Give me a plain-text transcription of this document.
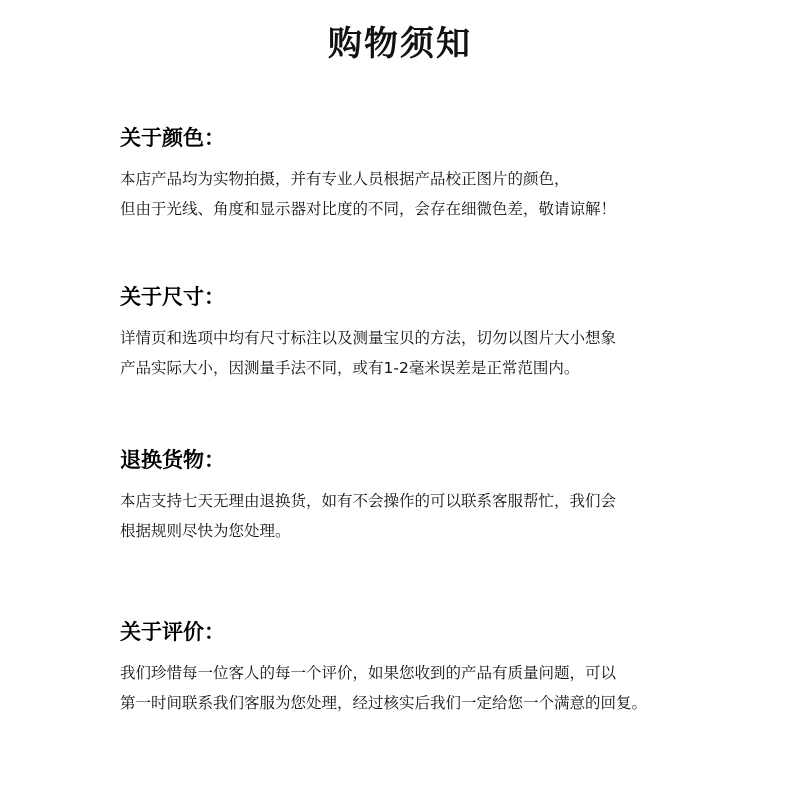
购物须知
关于颜色：
本店产品均为实物拍摄，并有专业人员根据产品校正图片的颜色，
但由于光线、角度和显示器对比度的不同，会存在细微色差，敬请谅解！
关于尺寸：
详情页和选项中均有尺寸标注以及测量宝贝的方法，切勿以图片大小想象
产品实际大小，因测量手法不同，或有1-2毫米误差是正常范围内。
退换货物：
本店支持七天无理由退换货，如有不会操作的可以联系客服帮忙，我们会
根据规则尽快为您处理。
关于评价：
我们珍惜每一位客人的每一个评价，如果您收到的产品有质量问题，可以
第一时间联系我们客服为您处理，经过核实后我们一定给您一个满意的回复。
